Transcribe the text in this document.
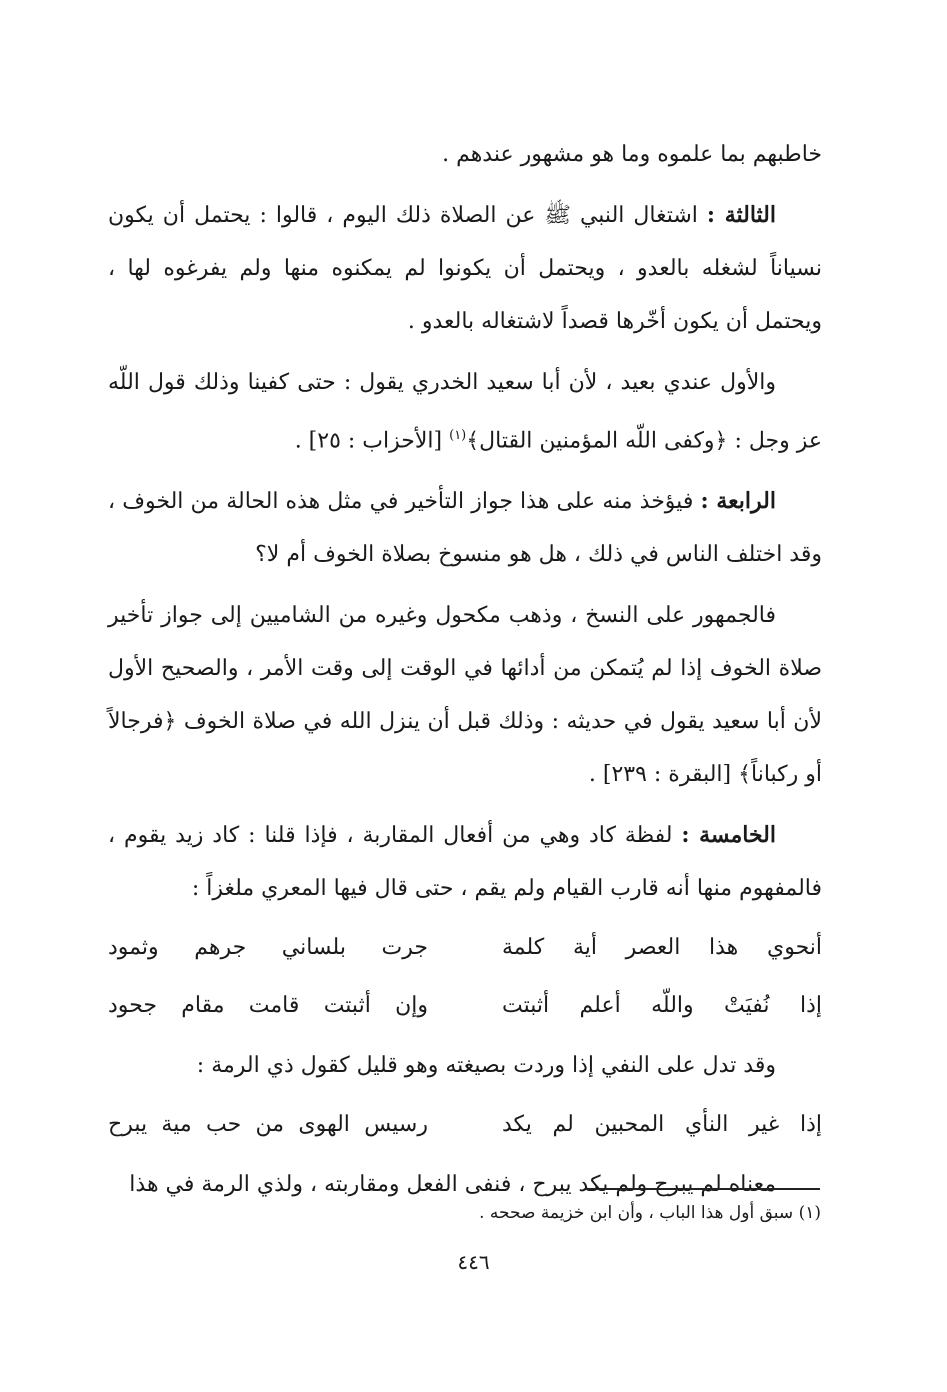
خاطبهم بما علموه وما هو مشهور عندهم .

الثالثة : اشتغال النبي ﷺ عن الصلاة ذلك اليوم ، قالوا : يحتمل أن يكون نسياناً لشغله بالعدو ، ويحتمل أن يكونوا لم يمكنوه منها ولم يفرغوه لها ، ويحتمل أن يكون أخّرها قصداً لاشتغاله بالعدو .

والأول عندي بعيد ، لأن أبا سعيد الخدري يقول : حتى كفينا وذلك قول اللّه عز وجل : ﴿وكفى اللّه المؤمنين القتال﴾$^{(١)}$ [الأحزاب : ٢٥] .

الرابعة : فيؤخذ منه على هذا جواز التأخير في مثل هذه الحالة من الخوف ، وقد اختلف الناس في ذلك ، هل هو منسوخ بصلاة الخوف أم لا؟

فالجمهور على النسخ ، وذهب مكحول وغيره من الشاميين إلى جواز تأخير صلاة الخوف إذا لم يُتمكن من أدائها في الوقت إلى وقت الأمر ، والصحيح الأول لأن أبا سعيد يقول في حديثه : وذلك قبل أن ينزل الله في صلاة الخوف ﴿فرجالاً أو ركباناً﴾ [البقرة : ٢٣٩] .

الخامسة : لفظة كاد وهي من أفعال المقاربة ، فإذا قلنا : كاد زيد يقوم ، فالمفهوم منها أنه قارب القيام ولم يقم ، حتى قال فيها المعري ملغزاً :

أنحوي هذا العصر أية كلمة
جرت بلساني جرهم وثمود
إذا نُفيَتْ واللّه أعلم أثبتت
وإن أثبتت قامت مقام جحود

وقد تدل على النفي إذا وردت بصيغته وهو قليل كقول ذي الرمة :

إذا غير النأي المحبين لم يكد
رسيس الهوى من حب مية يبرح

معناه لم يبرح ولم يكد يبرح ، فنفى الفعل ومقاربته ، ولذي الرمة في هذا

(١) سبق أول هذا الباب ، وأن ابن خزيمة صححه .
٤٤٦
